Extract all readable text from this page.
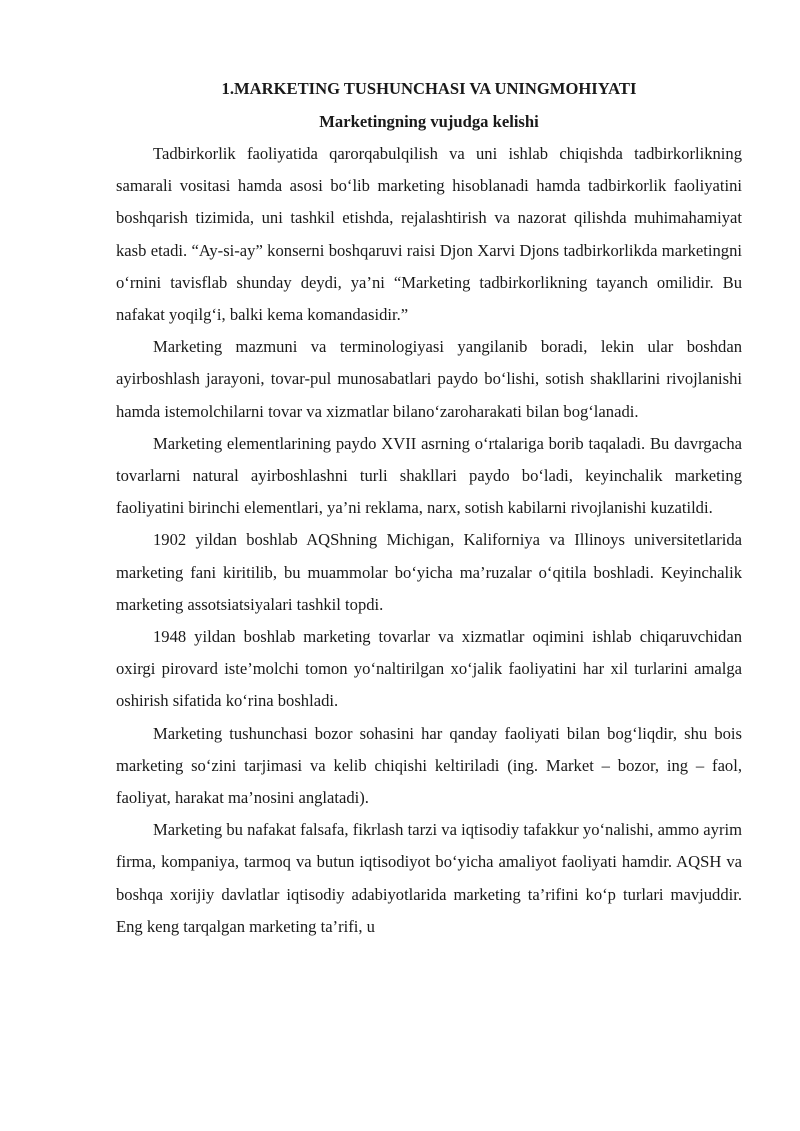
1.MARKETING TUSHUNCHASI VA UNINGMOHIYATI
Marketingning vujudga kelishi

Tadbirkorlik faoliyatida qarorqabulqilish va uni ishlab chiqishda tadbirkorlikning samarali vositasi hamda asosi bo‘lib marketing hisoblanadi hamda tadbirkorlik faoliyatini boshqarish tizimida, uni tashkil etishda, rejalashtirish va nazorat qilishda muhimahamiyat kasb etadi. “Ay-si-ay” konserni boshqaruvi raisi Djon Xarvi Djons tadbirkorlikda marketingni o‘rnini tavisflab shunday deydi, ya’ni “Marketing tadbirkorlikning tayanch omilidir. Bu nafakat yoqilg‘i, balki kema komandasidir.”

Marketing mazmuni va terminologiyasi yangilanib boradi, lekin ular boshdan ayirboshlash jarayoni, tovar-pul munosabatlari paydo bo‘lishi, sotish shakllarini rivojlanishi hamda istemolchilarni tovar va xizmatlar bilano‘zaroharakati bilan bog‘lanadi.

Marketing elementlarining paydo XVII asrning o‘rtalariga borib taqaladi. Bu davrgacha tovarlarni natural ayirboshlashni turli shakllari paydo bo‘ladi, keyinchalik marketing faoliyatini birinchi elementlari, ya’ni reklama, narx, sotish kabilarni rivojlanishi kuzatildi.

1902 yildan boshlab AQShning Michigan, Kaliforniya va Illinoys universitetlarida marketing fani kiritilib, bu muammolar bo‘yicha ma’ruzalar o‘qitila boshladi. Keyinchalik marketing assotsiatsiyalari tashkil topdi.

1948 yildan boshlab marketing tovarlar va xizmatlar oqimini ishlab chiqaruvchidan oxirgi pirovard iste’molchi tomon yo‘naltirilgan xo‘jalik faoliyatini har xil turlarini amalga oshirish sifatida ko‘rina boshladi.

Marketing tushunchasi bozor sohasini har qanday faoliyati bilan bog‘liqdir, shu bois marketing so‘zini tarjimasi va kelib chiqishi keltiriladi (ing. Market – bozor, ing – faol, faoliyat, harakat ma’nosini anglatadi).

Marketing bu nafakat falsafa, fikrlash tarzi va iqtisodiy tafakkur yo‘nalishi, ammo ayrim firma, kompaniya, tarmoq va butun iqtisodiyot bo‘yicha amaliyot faoliyati hamdir. AQSH va boshqa xorijiy davlatlar iqtisodiy adabiyotlarida marketing ta’rifini ko‘p turlari mavjuddir. Eng keng tarqalgan marketing ta’rifi, u
